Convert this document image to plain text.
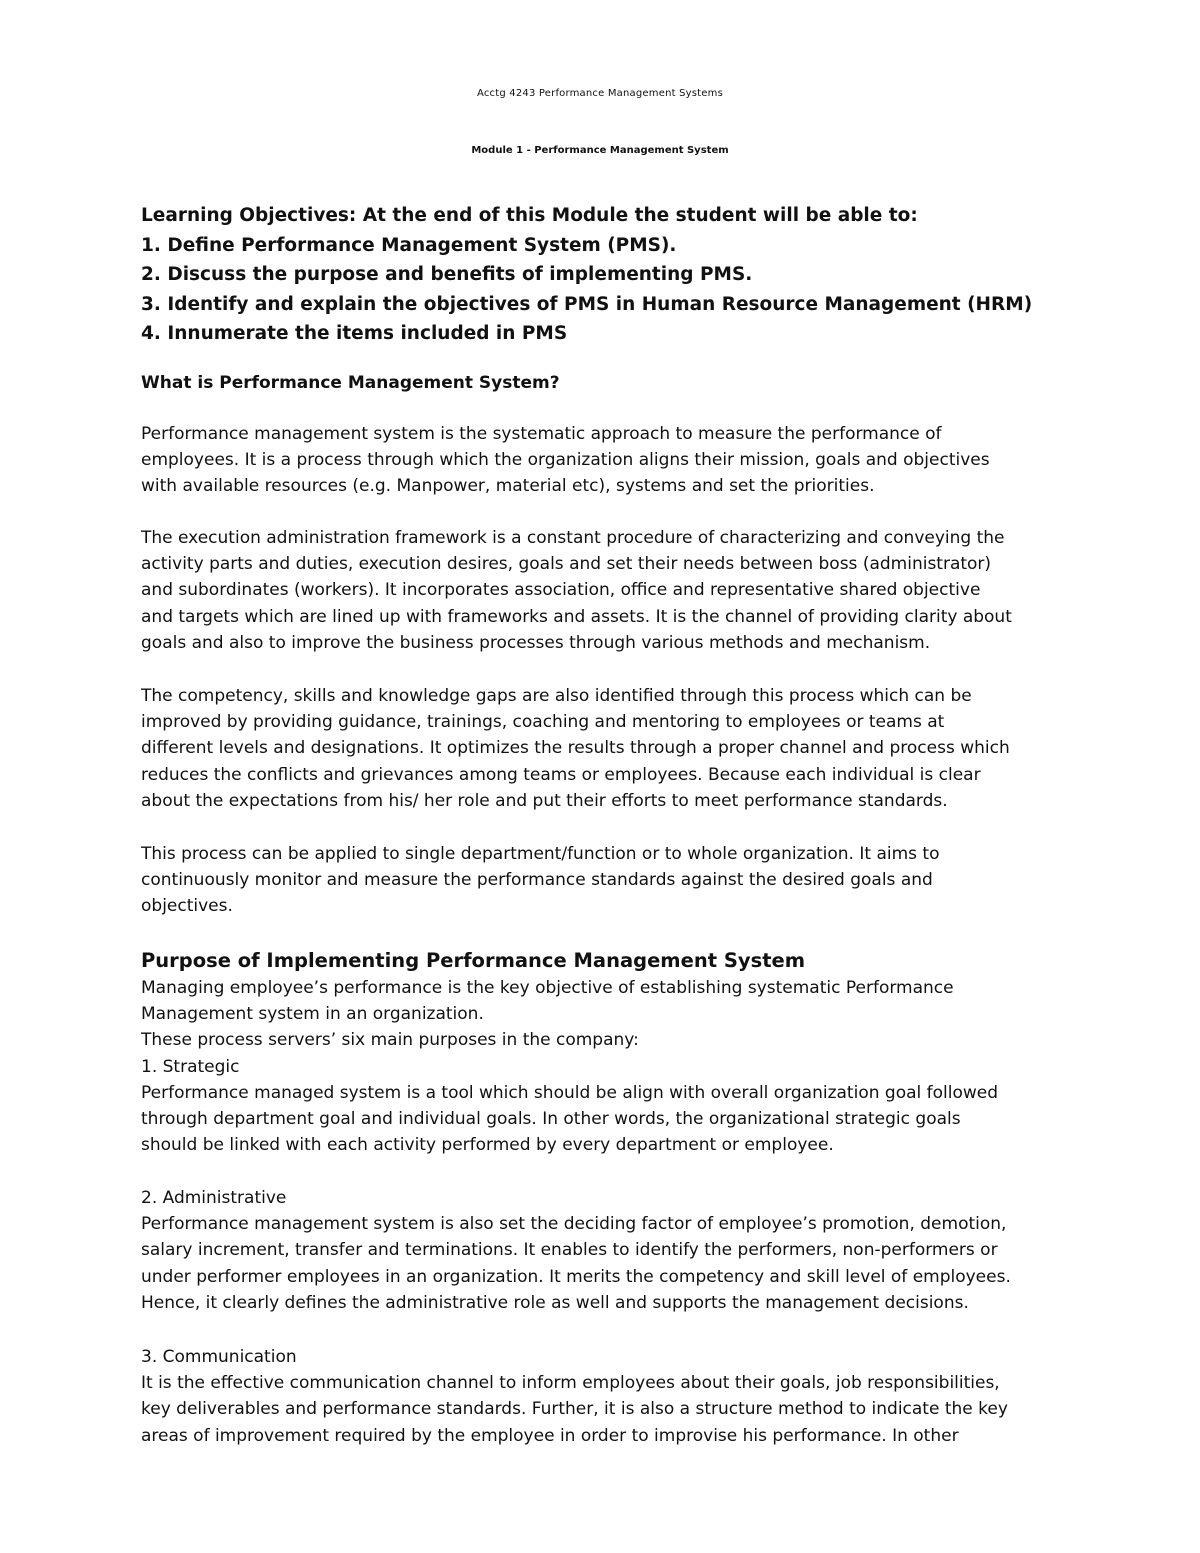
Acctg 4243 Performance Management Systems
Module 1 - Performance Management System
Learning Objectives: At the end of this Module the student will be able to:
1. Define Performance Management System (PMS).
2. Discuss the purpose and benefits of implementing PMS.
3. Identify and explain the objectives of PMS in Human Resource Management (HRM)
4. Innumerate the items included in PMS
What is Performance Management System?
Performance management system is the systematic approach to measure the performance of
employees. It is a process through which the organization aligns their mission, goals and objectives
with available resources (e.g. Manpower, material etc), systems and set the priorities.
The execution administration framework is a constant procedure of characterizing and conveying the
activity parts and duties, execution desires, goals and set their needs between boss (administrator)
and subordinates (workers). It incorporates association, office and representative shared objective
and targets which are lined up with frameworks and assets. It is the channel of providing clarity about
goals and also to improve the business processes through various methods and mechanism.
The competency, skills and knowledge gaps are also identified through this process which can be
improved by providing guidance, trainings, coaching and mentoring to employees or teams at
different levels and designations. It optimizes the results through a proper channel and process which
reduces the conflicts and grievances among teams or employees. Because each individual is clear
about the expectations from his/ her role and put their efforts to meet performance standards.
This process can be applied to single department/function or to whole organization. It aims to
continuously monitor and measure the performance standards against the desired goals and
objectives.
Purpose of Implementing Performance Management System
Managing employee’s performance is the key objective of establishing systematic Performance
Management system in an organization.
These process servers’ six main purposes in the company:
1. Strategic
Performance managed system is a tool which should be align with overall organization goal followed
through department goal and individual goals. In other words, the organizational strategic goals
should be linked with each activity performed by every department or employee.
2. Administrative
Performance management system is also set the deciding factor of employee’s promotion, demotion,
salary increment, transfer and terminations. It enables to identify the performers, non-performers or
under performer employees in an organization. It merits the competency and skill level of employees.
Hence, it clearly defines the administrative role as well and supports the management decisions.
3. Communication
It is the effective communication channel to inform employees about their goals, job responsibilities,
key deliverables and performance standards. Further, it is also a structure method to indicate the key
areas of improvement required by the employee in order to improvise his performance. In other
